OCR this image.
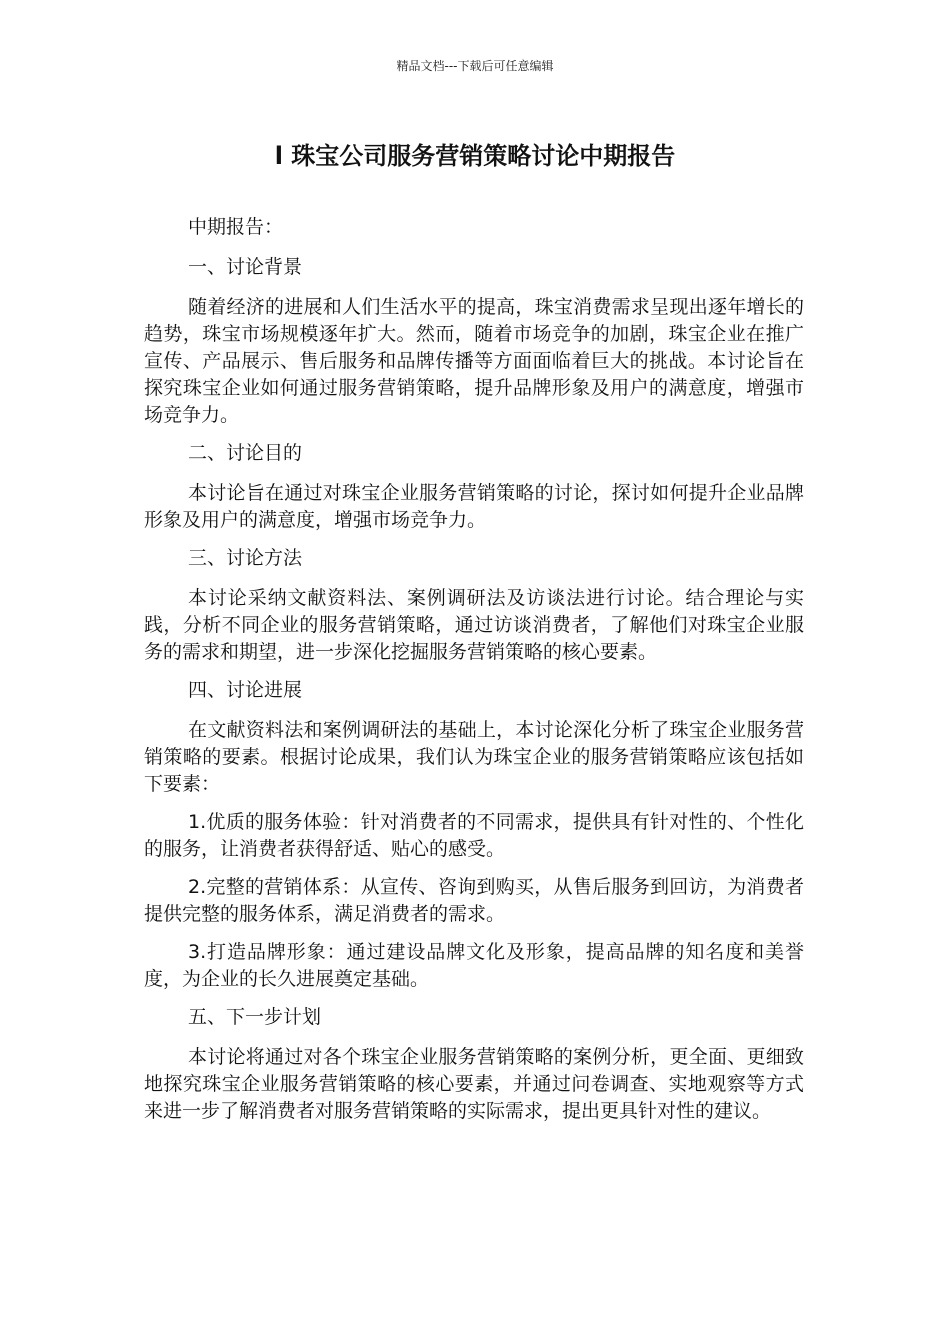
精品文档---下载后可任意编辑
l 珠宝公司服务营销策略讨论中期报告

中期报告：

一、讨论背景

随着经济的进展和人们生活水平的提高，珠宝消费需求呈现出逐年增长的趋势，珠宝市场规模逐年扩大。然而，随着市场竞争的加剧，珠宝企业在推广宣传、产品展示、售后服务和品牌传播等方面面临着巨大的挑战。本讨论旨在探究珠宝企业如何通过服务营销策略，提升品牌形象及用户的满意度，增强市场竞争力。

二、讨论目的

本讨论旨在通过对珠宝企业服务营销策略的讨论，探讨如何提升企业品牌形象及用户的满意度，增强市场竞争力。

三、讨论方法

本讨论采纳文献资料法、案例调研法及访谈法进行讨论。结合理论与实践，分析不同企业的服务营销策略，通过访谈消费者，了解他们对珠宝企业服务的需求和期望，进一步深化挖掘服务营销策略的核心要素。

四、讨论进展

在文献资料法和案例调研法的基础上，本讨论深化分析了珠宝企业服务营销策略的要素。根据讨论成果，我们认为珠宝企业的服务营销策略应该包括如下要素：

1.优质的服务体验：针对消费者的不同需求，提供具有针对性的、个性化的服务，让消费者获得舒适、贴心的感受。

2.完整的营销体系：从宣传、咨询到购买，从售后服务到回访，为消费者提供完整的服务体系，满足消费者的需求。

3.打造品牌形象：通过建设品牌文化及形象，提高品牌的知名度和美誉度，为企业的长久进展奠定基础。

五、下一步计划

本讨论将通过对各个珠宝企业服务营销策略的案例分析，更全面、更细致地探究珠宝企业服务营销策略的核心要素，并通过问卷调查、实地观察等方式来进一步了解消费者对服务营销策略的实际需求，提出更具针对性的建议。
